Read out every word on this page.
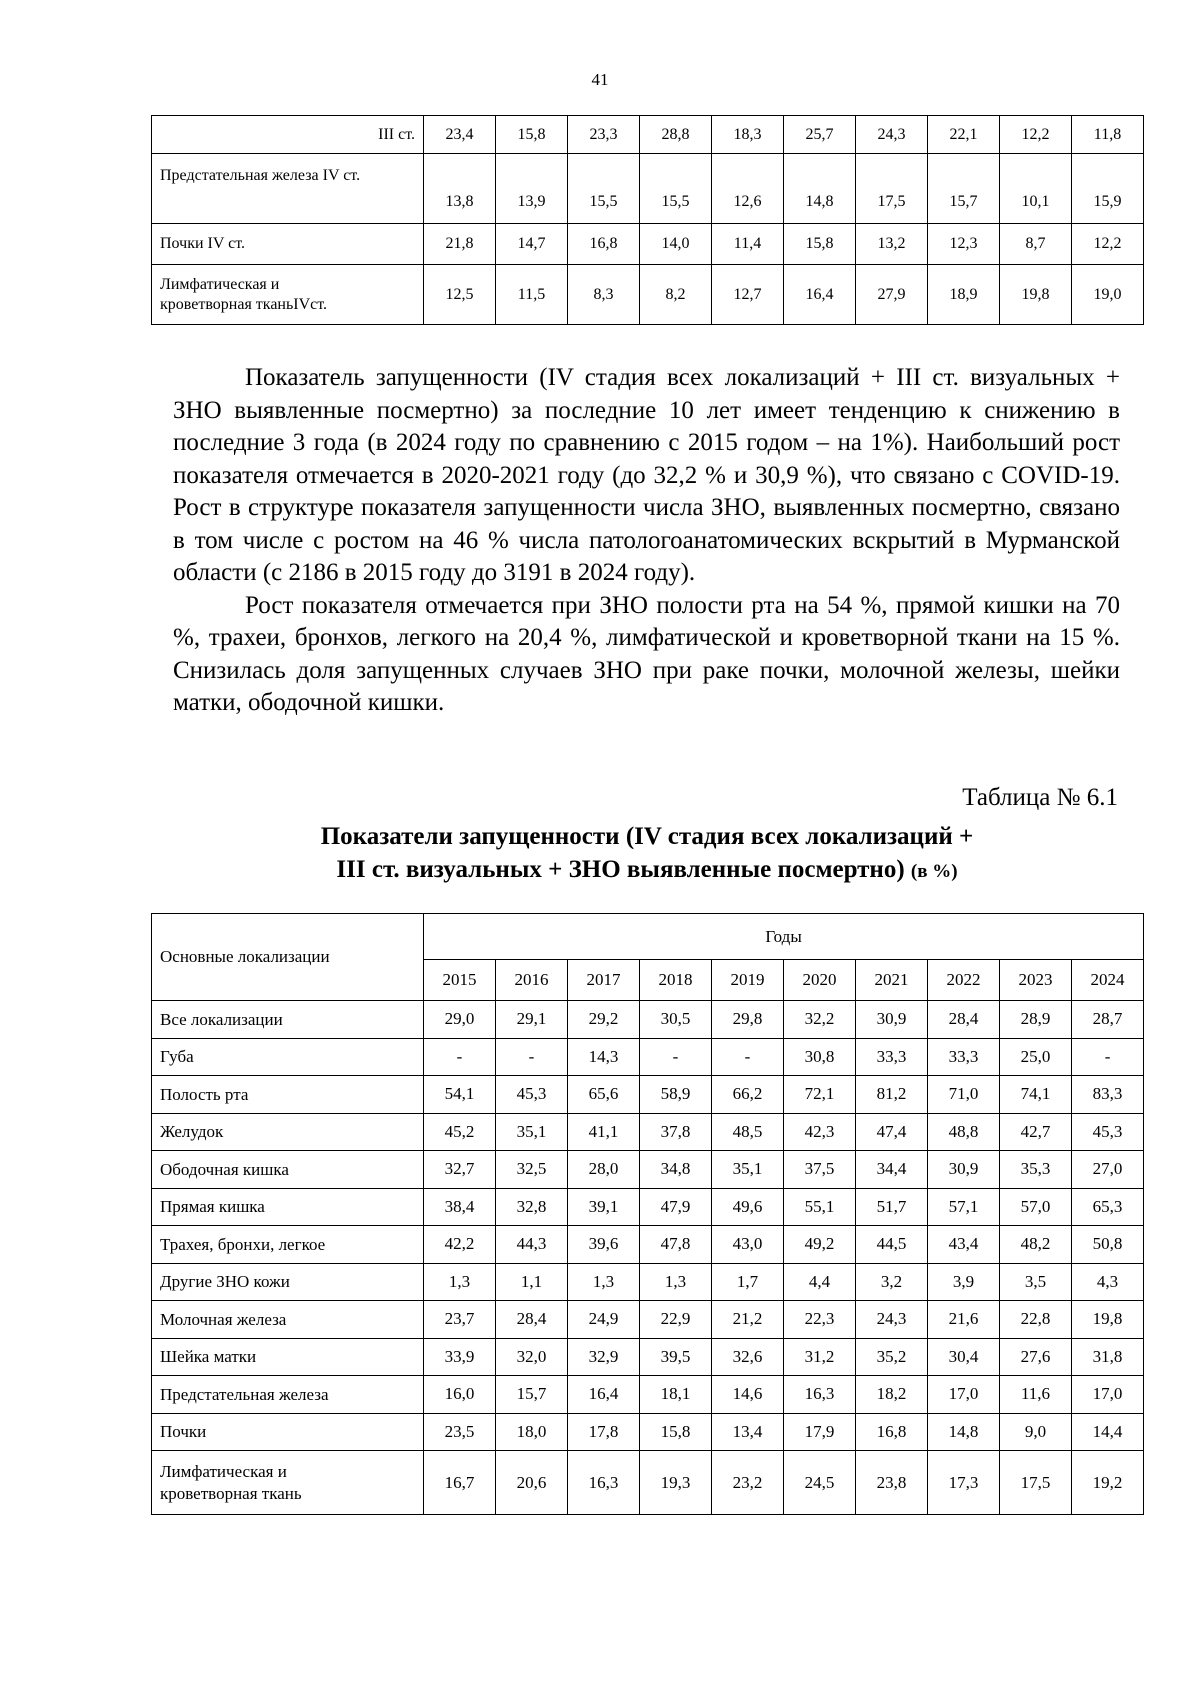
41
III ст.	23,4	15,8	23,3	28,8	18,3	25,7	24,3	22,1	12,2	11,8
Предстательная железа IV ст.	13,8	13,9	15,5	15,5	12,6	14,8	17,5	15,7	10,1	15,9
Почки IV ст.	21,8	14,7	16,8	14,0	11,4	15,8	13,2	12,3	8,7	12,2

Лимфатическая и
кроветворная тканьIVст.	12,5	11,5	8,3	8,2	12,7	16,4	27,9	18,9	19,8	19,0

Показатель запущенности (IV стадия всех локализаций + III ст. визуальных + ЗНО выявленные посмертно) за последние 10 лет имеет тенденцию к снижению в последние 3 года (в 2024 году по сравнению с 2015 годом – на 1%). Наибольший рост показателя отмечается в 2020-2021 году (до 32,2 % и 30,9 %), что связано с COVID-19. Рост в структуре показателя запущенности числа ЗНО, выявленных посмертно, связано в том числе с ростом на 46 % числа патологоанатомических вскрытий в Мурманской области (с 2186 в 2015 году до 3191 в 2024 году).

Рост показателя отмечается при ЗНО полости рта на 54 %, прямой кишки на 70 %, трахеи, бронхов, легкого на 20,4 %, лимфатической и кроветворной ткани на 15 %. Снизилась доля запущенных случаев ЗНО при раке почки, молочной железы, шейки матки, ободочной кишки.

Таблица № 6.1
Показатели запущенности (IV стадия всех локализаций +
III ст. визуальных + ЗНО выявленные посмертно) (в %)
Основные локализации	Годы									
	2015	2016	2017	2018	2019	2020	2021	2022	2023	2024
Все локализации	29,0	29,1	29,2	30,5	29,8	32,2	30,9	28,4	28,9	28,7
Губа	-	-	14,3	-	-	30,8	33,3	33,3	25,0	-
Полость рта	54,1	45,3	65,6	58,9	66,2	72,1	81,2	71,0	74,1	83,3
Желудок	45,2	35,1	41,1	37,8	48,5	42,3	47,4	48,8	42,7	45,3
Ободочная кишка	32,7	32,5	28,0	34,8	35,1	37,5	34,4	30,9	35,3	27,0
Прямая кишка	38,4	32,8	39,1	47,9	49,6	55,1	51,7	57,1	57,0	65,3
Трахея, бронхи, легкое	42,2	44,3	39,6	47,8	43,0	49,2	44,5	43,4	48,2	50,8
Другие ЗНО кожи	1,3	1,1	1,3	1,3	1,7	4,4	3,2	3,9	3,5	4,3
Молочная железа	23,7	28,4	24,9	22,9	21,2	22,3	24,3	21,6	22,8	19,8
Шейка матки	33,9	32,0	32,9	39,5	32,6	31,2	35,2	30,4	27,6	31,8
Предстательная железа	16,0	15,7	16,4	18,1	14,6	16,3	18,2	17,0	11,6	17,0
Почки	23,5	18,0	17,8	15,8	13,4	17,9	16,8	14,8	9,0	14,4

Лимфатическая и
кроветворная ткань	16,7	20,6	16,3	19,3	23,2	24,5	23,8	17,3	17,5	19,2
